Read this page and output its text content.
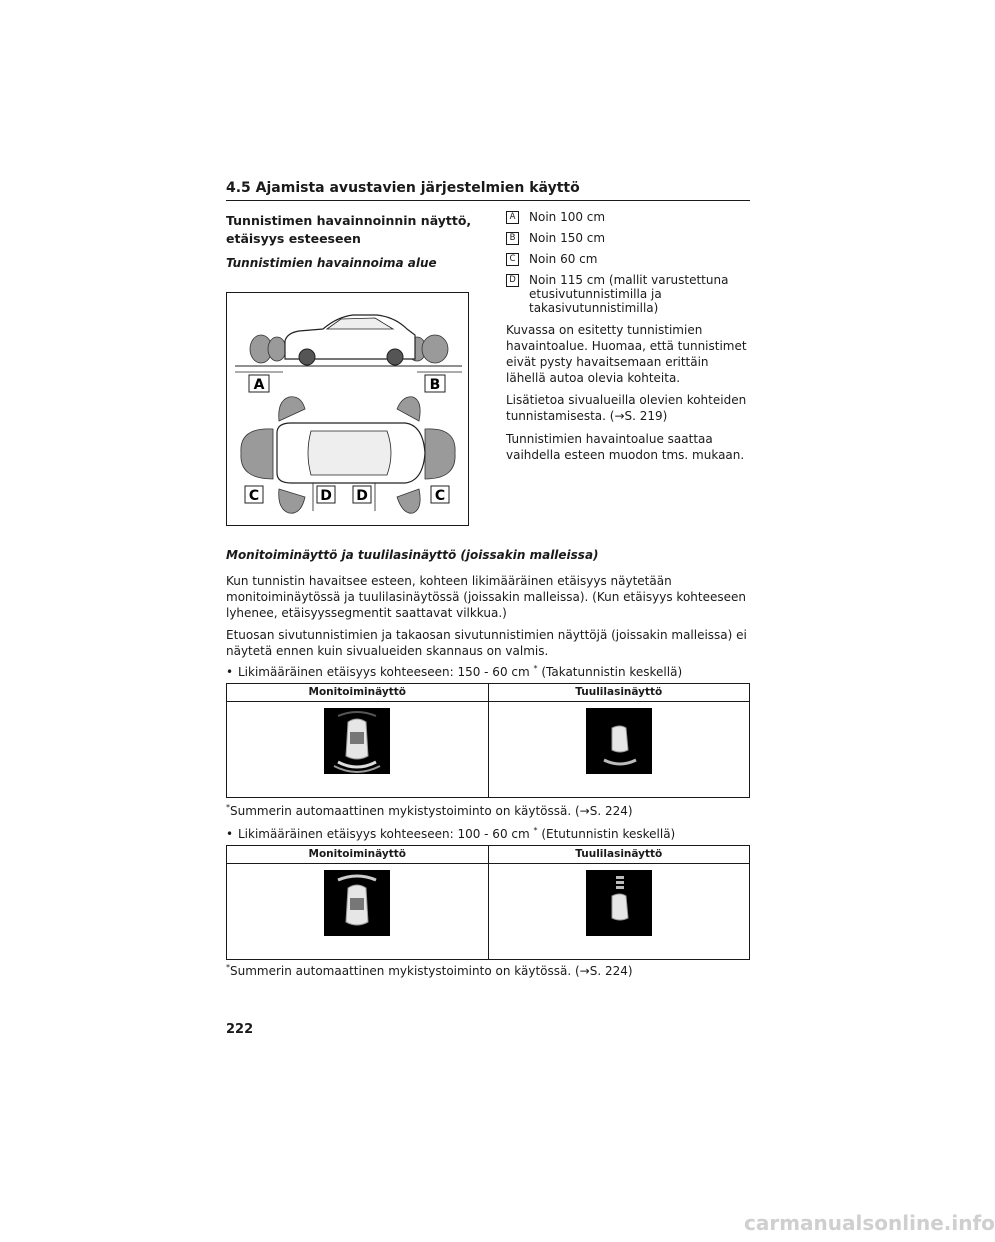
4.5 Ajamista avustavien järjestelmien käyttö
Tunnistimen havainnoinnin näyttö, etäisyys esteeseen
Tunnistimien havainnoima alue
A	B
C	D D	C
A Noin 100 cm
B Noin 150 cm
C Noin 60 cm
D Noin 115 cm (mallit varustettuna etusivutunnistimilla ja takasivutunnistimilla)

Kuvassa on esitetty tunnistimien havaintoalue. Huomaa, että tunnistimet eivät pysty havaitsemaan erittäin lähellä autoa olevia kohteita.

Lisätietoa sivualueilla olevien kohteiden tunnistamisesta. (→S. 219)

Tunnistimien havaintoalue saattaa vaihdella esteen muodon tms. mukaan.

Monitoiminäyttö ja tuulilasinäyttö (joissakin malleissa)

Kun tunnistin havaitsee esteen, kohteen likimääräinen etäisyys näytetään monitoiminäytössä ja tuulilasinäytössä (joissakin malleissa). (Kun etäisyys kohteeseen lyhenee, etäisyyssegmentit saattavat vilkkua.)

Etuosan sivutunnistimien ja takaosan sivutunnistimien näyttöjä (joissakin malleissa) ei näytetä ennen kuin sivualueiden skannaus on valmis.

• Likimääräinen etäisyys kohteeseen: 150 - 60 cm * (Takatunnistin keskellä)
Monitoiminäyttö	Tuulilasinäyttö
*Summerin automaattinen mykistystoiminto on käytössä. (→S. 224)
• Likimääräinen etäisyys kohteeseen: 100 - 60 cm * (Etutunnistin keskellä)
Monitoiminäyttö	Tuulilasinäyttö
*Summerin automaattinen mykistystoiminto on käytössä. (→S. 224)
222
carmanualsonline.info
